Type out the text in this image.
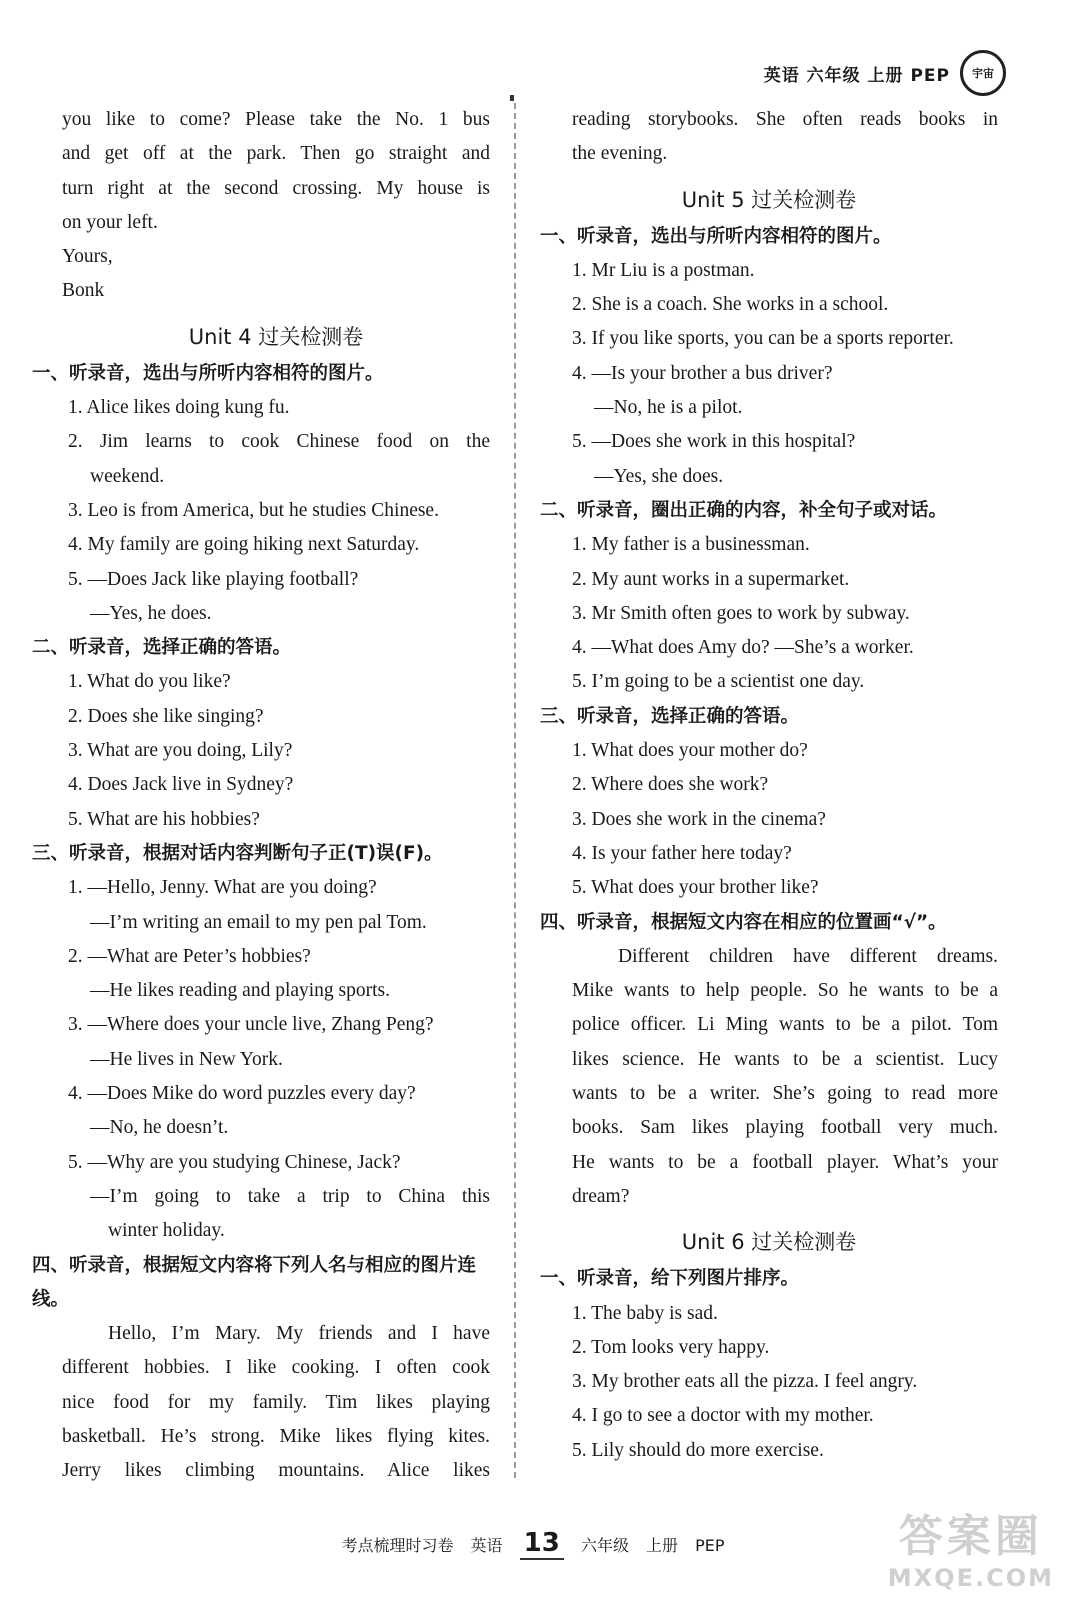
英语 六年级 上册 PEP	宇宙
you like to come? Please take the No. 1 bus
and get off at the park. Then go straight and
turn right at the second crossing. My house is
on your left.
Yours,
Bonk
Unit 4 过关检测卷
一、听录音，选出与所听内容相符的图片。
1. Alice likes doing kung fu.
2. Jim learns to cook Chinese food on the
weekend.
3. Leo is from America, but he studies Chinese.
4. My family are going hiking next Saturday.
5. —Does Jack like playing football?
—Yes, he does.
二、听录音，选择正确的答语。
1. What do you like?
2. Does she like singing?
3. What are you doing, Lily?
4. Does Jack live in Sydney?
5. What are his hobbies?
三、听录音，根据对话内容判断句子正(T)误(F)。
1. —Hello, Jenny. What are you doing?
—I’m writing an email to my pen pal Tom.
2. —What are Peter’s hobbies?
—He likes reading and playing sports.
3. —Where does your uncle live, Zhang Peng?
—He lives in New York.
4. —Does Mike do word puzzles every day?
—No, he doesn’t.
5. —Why are you studying Chinese, Jack?
—I’m going to take a trip to China this
winter holiday.
四、听录音，根据短文内容将下列人名与相应的图片连线。
Hello, I’m Mary. My friends and I have
different hobbies. I like cooking. I often cook
nice food for my family. Tim likes playing
basketball. He’s strong. Mike likes flying kites.
Jerry likes climbing mountains. Alice likes
reading storybooks. She often reads books in
the evening.
Unit 5 过关检测卷
一、听录音，选出与所听内容相符的图片。
1. Mr Liu is a postman.
2. She is a coach. She works in a school.
3. If you like sports, you can be a sports reporter.
4. —Is your brother a bus driver?
—No, he is a pilot.
5. —Does she work in this hospital?
—Yes, she does.
二、听录音，圈出正确的内容，补全句子或对话。
1. My father is a businessman.
2. My aunt works in a supermarket.
3. Mr Smith often goes to work by subway.
4. —What does Amy do? —She’s a worker.
5. I’m going to be a scientist one day.
三、听录音，选择正确的答语。
1. What does your mother do?
2. Where does she work?
3. Does she work in the cinema?
4. Is your father here today?
5. What does your brother like?
四、听录音，根据短文内容在相应的位置画“√”。
Different children have different dreams.
Mike wants to help people. So he wants to be a
police officer. Li Ming wants to be a pilot. Tom
likes science. He wants to be a scientist. Lucy
wants to be a writer. She’s going to read more
books. Sam likes playing football very much.
He wants to be a football player. What’s your
dream?
Unit 6 过关检测卷
一、听录音，给下列图片排序。
1. The baby is sad.
2. Tom looks very happy.
3. My brother eats all the pizza. I feel angry.
4. I go to see a doctor with my mother.
5. Lily should do more exercise.
考点梳理时习卷 英语 13 六年级 上册 PEP	答案圈
MXQE.COM
